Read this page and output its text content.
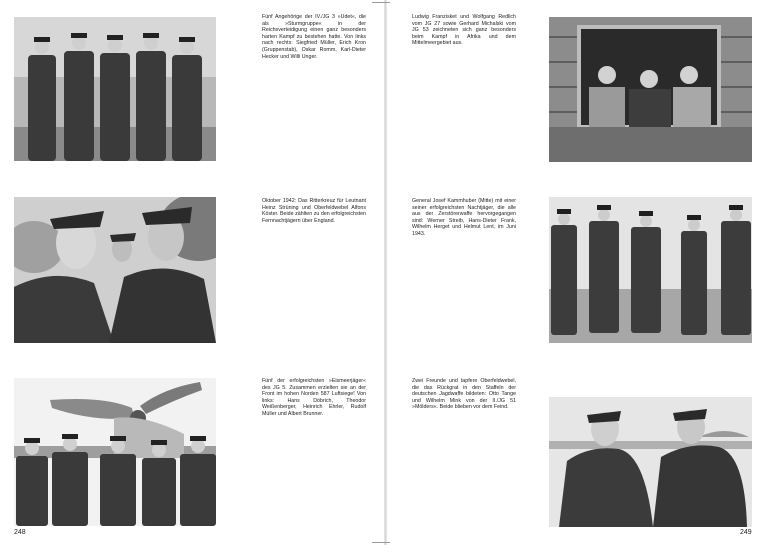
Fünf Angehörige der IV./JG 3 »Udet«, die als »Sturmgruppe« in der Reichsverteidigung einen ganz besonders harten Kampf zu bestehen hatte. Von links nach rechts: Siegfried Müller, Erich Kron (Gruppenstab), Oskar Romm, Karl-Dieter Hecker und Willi Unger.
Ludwig Franzisket und Wolfgang Redlich vom JG 27 sowie Gerhard Michalski vom JG 53 zeichneten sich ganz besonders beim Kampf in Afrika und dem Mittelmeergebiet aus.
Oktober 1942: Das Ritterkreuz für Leutnant Heinz Strüning und Oberfeldwebel Alfons Köster. Beide zählten zu den erfolgreichsten Fernnachtjägern über England.
General Josef Kammhuber (Mitte) mit einer seiner erfolgreichsten Nachtjäger, die alle aus der Zerstörerwaffe hervorgegangen sind: Werner Streib, Hans-Dieter Frank, Wilhelm Herget und Helmut Lent, im Juni 1943.
Fünf der erfolgreichsten »Eismeerjäger« des JG 5. Zusammen erzielten sie an der Front im hohen Norden 587 Luftsiege! Von links: Hans Döbrich, Theodor Weißenberger, Heinrich Ehrler, Rudolf Müller und Albert Brunner.
Zwei Freunde und tapfere Oberfeldwebel, die das Rückgrat in den Staffeln der deutschen Jagdwaffe bildeten: Otto Tange und Wilhelm Mink von der II./JG 51 »Mölders«. Beide blieben vor dem Feind.
248	249
